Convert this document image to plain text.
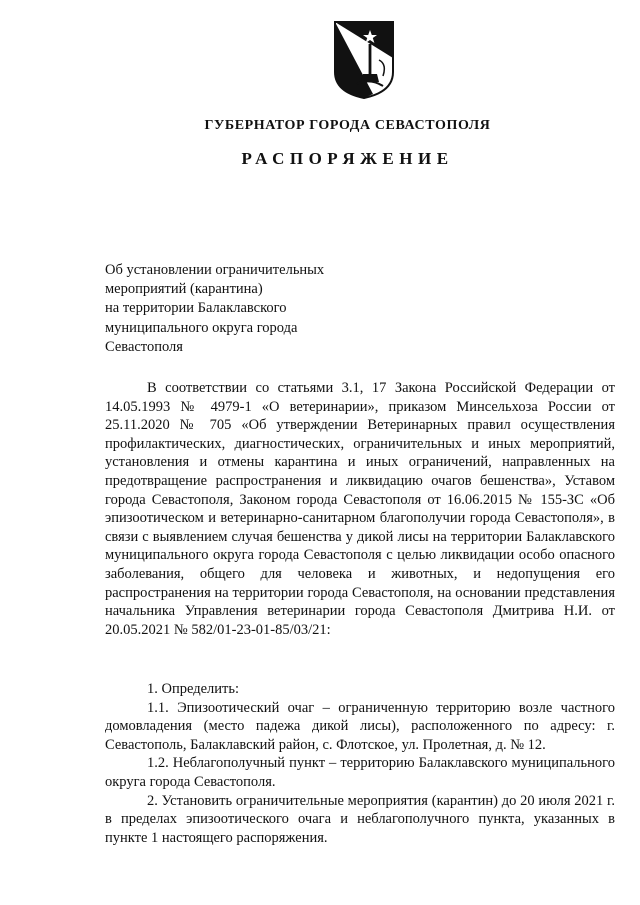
ГУБЕРНАТОР ГОРОДА СЕВАСТОПОЛЯ
РАСПОРЯЖЕНИЕ
Об установлении ограничительных
мероприятий (карантина)
на территории Балаклавского
муниципального округа города
Севастополя

В соответствии со статьями 3.1, 17 Закона Российской Федерации от 14.05.1993 № 4979-1 «О ветеринарии», приказом Минсельхоза России от 25.11.2020 № 705 «Об утверждении Ветеринарных правил осуществления профилактических, диагностических, ограничительных и иных мероприятий, установления и отмены карантина и иных ограничений, направленных на предотвращение распространения и ликвидацию очагов бешенства», Уставом города Севастополя, Законом города Севастополя от 16.06.2015 № 155-ЗС «Об эпизоотическом и ветеринарно-санитарном благополучии города Севастополя», в связи с выявлением случая бешенства у дикой лисы на территории Балаклавского муниципального округа города Севастополя с целью ликвидации особо опасного заболевания, общего для человека и животных, и недопущения его распространения на территории города Севастополя, на основании представления начальника Управления ветеринарии города Севастополя Дмитрива Н.И. от 20.05.2021 № 582/01-23-01-85/03/21:

1. Определить:

1.1. Эпизоотический очаг – ограниченную территорию возле частного домовладения (место падежа дикой лисы), расположенного по адресу: г. Севастополь, Балаклавский район, с. Флотское, ул. Пролетная, д. № 12.

1.2. Неблагополучный пункт – территорию Балаклавского муниципального округа города Севастополя.

2. Установить ограничительные мероприятия (карантин) до 20 июля 2021 г. в пределах эпизоотического очага и неблагополучного пункта, указанных в пункте 1 настоящего распоряжения.
